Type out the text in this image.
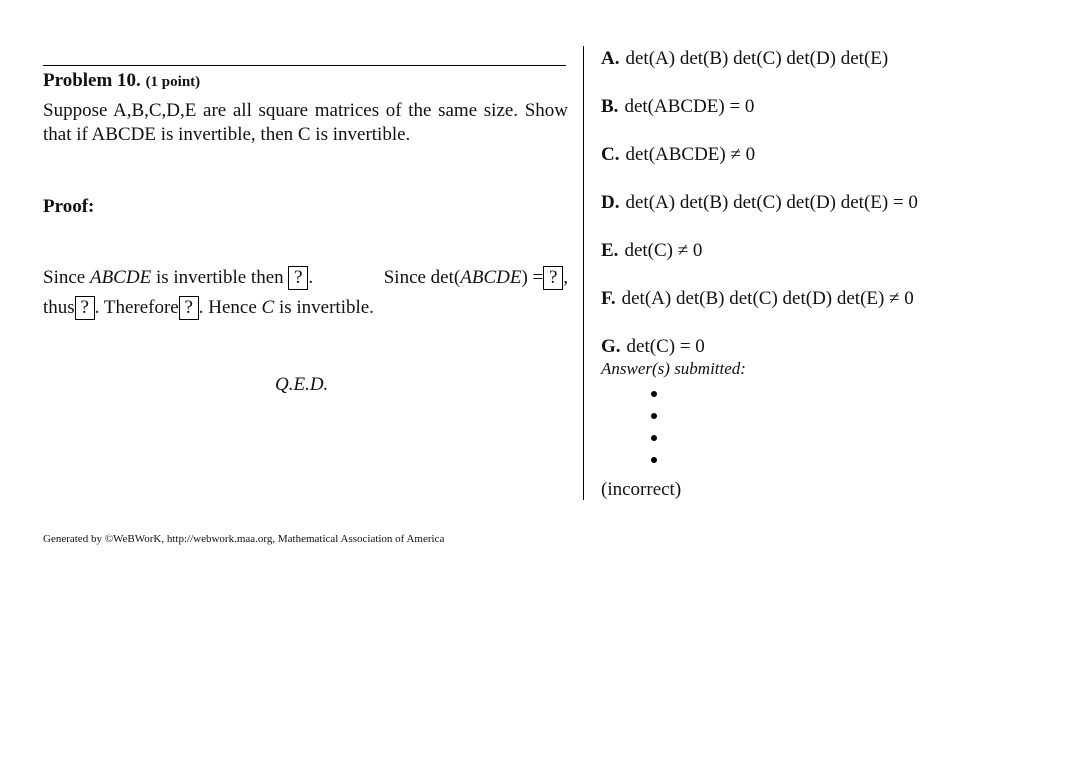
Problem 10. (1 point)
Suppose A,B,C,D,E are all square matrices of the same size. Show that if ABCDE is invertible, then C is invertible.
Proof:
Since ABCDE is invertible then ? .	Since det(ABCDE) = ? ,
thus ? . Therefore ? . Hence C is invertible.
Q.E.D.
Generated by ©WeBWorK, http://webwork.maa.org, Mathematical Association of America
A. det(A) det(B) det(C) det(D) det(E)
B. det(ABCDE) = 0
C. det(ABCDE) ≠ 0
D. det(A) det(B) det(C) det(D) det(E) = 0
E. det(C) ≠ 0
F. det(A) det(B) det(C) det(D) det(E) ≠ 0
G. det(C) = 0
Answer(s) submitted:
(incorrect)
